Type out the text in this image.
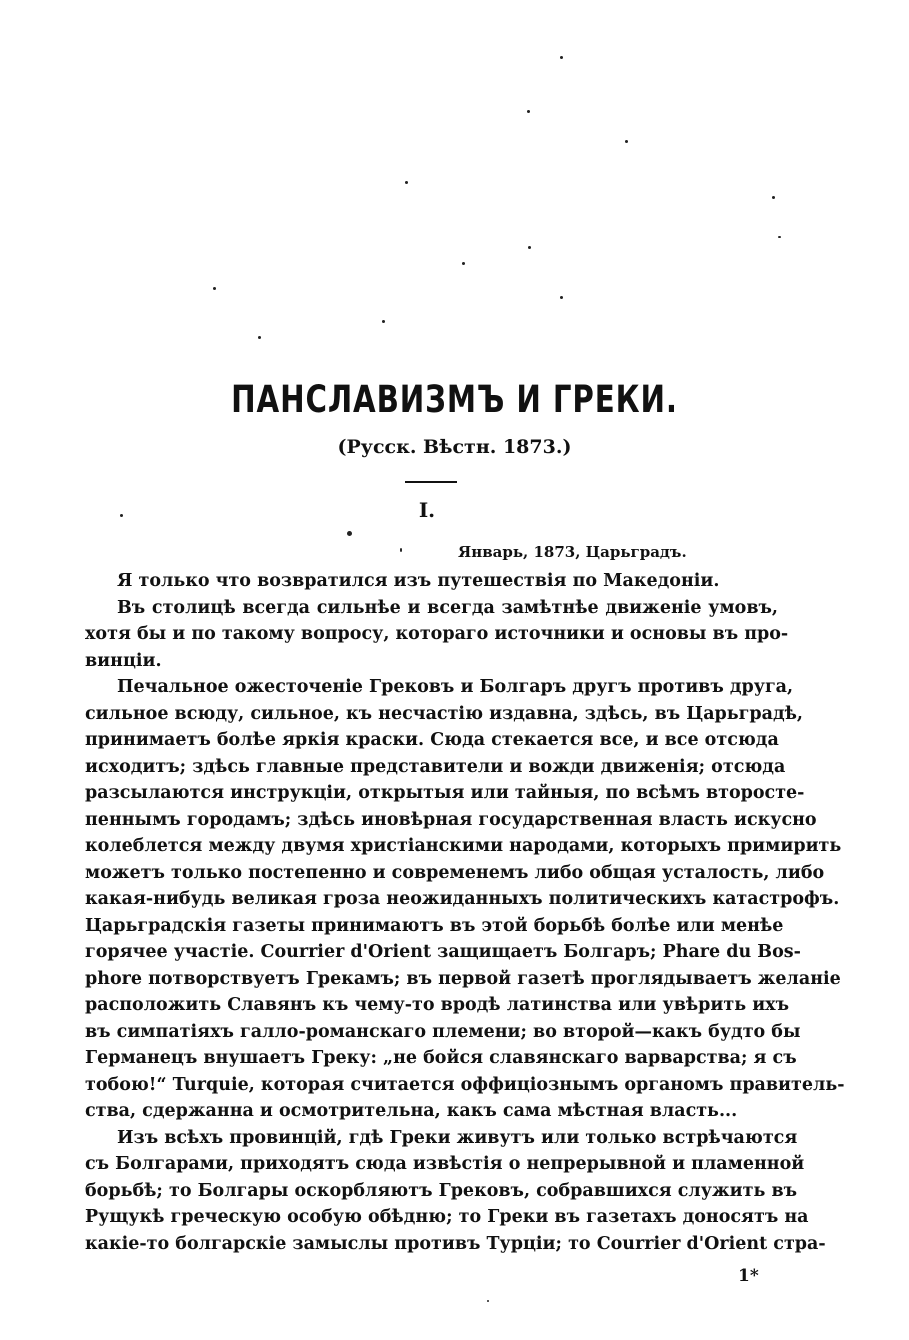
ПАНСЛАВИЗМЪ И ГРЕКИ.
(Русск. Вѣстн. 1873.)
I.
Январь, 1873, Царьградъ.
Я только что возвратился изъ путешествія по Македоніи.
Въ столицѣ всегда сильнѣе и всегда замѣтнѣе движеніе умовъ,
хотя бы и по такому вопросу, котораго источники и основы въ про-
винціи.
Печальное ожесточеніе Грековъ и Болгаръ другъ противъ друга,
сильное всюду, сильное, къ несчастію издавна, здѣсь, въ Царьградѣ,
принимаетъ болѣе яркія краски. Сюда стекается все, и все отсюда
исходитъ; здѣсь главные представители и вожди движенія; отсюда
разсылаются инструкціи, открытыя или тайныя, по всѣмъ второсте-
пеннымъ городамъ; здѣсь иновѣрная государственная власть искусно
колеблется между двумя христіанскими народами, которыхъ примирить
можетъ только постепенно и современемъ либо общая усталость, либо
какая-нибудь великая гроза неожиданныхъ политическихъ катастрофъ.
Царьградскія газеты принимаютъ въ этой борьбѣ болѣе или менѣе
горячее участіе. Courrier d'Orient защищаетъ Болгаръ; Phare du Bos-
phore потворствуетъ Грекамъ; въ первой газетѣ проглядываетъ желаніе
расположить Славянъ къ чему-то вродѣ латинства или увѣрить ихъ
въ симпатіяхъ галло-романскаго племени; во второй—какъ будто бы
Германецъ внушаетъ Греку: „не бойся славянскаго варварства; я съ
тобою!“ Turquie, которая считается оффиціознымъ органомъ правитель-
ства, сдержанна и осмотрительна, какъ сама мѣстная власть...
Изъ всѣхъ провинцій, гдѣ Греки живутъ или только встрѣчаются
съ Болгарами, приходятъ сюда извѣстія о непрерывной и пламенной
борьбѣ; то Болгары оскорбляютъ Грековъ, собравшихся служить въ
Рущукѣ греческую особую обѣдню; то Греки въ газетахъ доносятъ на
какіе-то болгарскіе замыслы противъ Турціи; то Courrier d'Orient стра-
1*
